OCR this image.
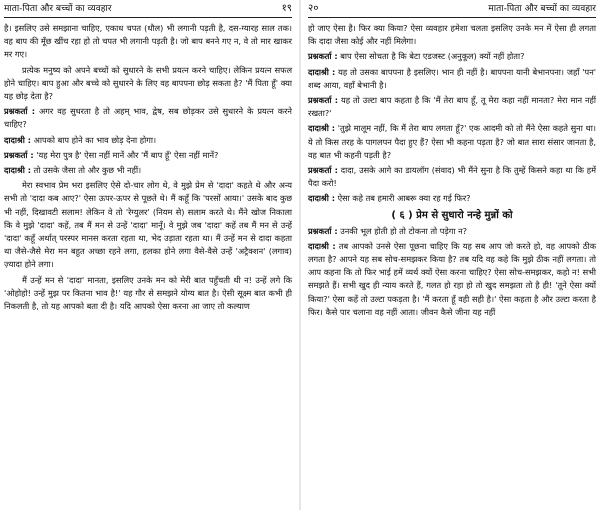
माता-पिता और बच्चों का व्यवहार	१९

है। इसलिए उसे समझाना चाहिए, एकाध चपत (धौल) भी लगानी पड़ती है, दस-ग्यारह साल तक। वह बाप की मूँछ खींच रहा हो तो चपत भी लगानी पड़ती है। जो बाप बनने गए न, वे तो मार खाकर मर गए।

प्रत्येक मनुष्य को अपने बच्चों को सुधारने के सभी प्रयत्न करने चाहिए। लेकिन प्रयत्न सफल होने चाहिए। बाप हुआ और बच्चे को सुधारने के लिए वह बापपना छोड़ सकता है? 'मैं पिता हूँ' क्या यह छोड़ देता है?

प्रश्नकर्ता : अगर वह सुधरता है तो अहम्‌ भाव, द्वेष, सब छोड़कर उसे सुधारने के प्रयत्न करने चाहिए?

दादाश्री : आपको बाप होने का भाव छोड़ देना होगा।

प्रश्नकर्ता : 'यह मेरा पुत्र है' ऐसा नहीं मानें और 'मैं बाप हूँ' ऐसा नहीं मानें?

दादाश्री : तो उसके जैसा तो और कुछ भी नहीं।

मेरा स्वभाव प्रेम भरा इसलिए ऐसे दो-चार लोग थे, वे मुझे प्रेम से 'दादा' कहते थे और अन्य सभी तो 'दादा कब आए?' ऐसा ऊपर-ऊपर से पूछते थे। मैं कहूँ कि 'परसों आया।' उसके बाद कुछ भी नहीं, दिखावटी सलाम! लेकिन वे तो 'रेग्युलर' (नियम से) सलाम करते थे। मैंने खोज निकाला कि वे मुझे 'दादा' कहें, तब मैं मन से उन्हें 'दादा' मानूँ। वे मुझे जब 'दादा' कहें तब मैं मन से उन्हें 'दादा' कहूँ अर्थात्‌ परस्पर मानस करता रहता था, भेद उड़ाता रहता था। मैं उन्हें मन से दादा कहता था जैसे-जैसे मेरा मन बहुत अच्छा रहने लगा, हलका होने लगा वैसे-वैसे उन्हें 'अट्रैक्शन' (लगाव) ज़्यादा होने लगा।

मैं उन्हें मन से 'दादा' मानता, इसलिए उनके मन को मेरी बात पहुँचती थी न! उन्हें लगे कि 'ओहोहो! उन्हें मुझ पर कितना भाव है!' यह गौर से समझने योग्य बात है। ऐसी सूक्ष्म बात कभी ही निकलती है, तो यह आपको बता दी है। यदि आपको ऐसा करना आ जाए तो कल्याण

२०	माता-पिता और बच्चों का व्यवहार

हो जाए ऐसा है। फिर क्या किया? ऐसा व्यवहार हमेशा चलता इसलिए उनके मन में ऐसा ही लगता कि दादा जैसा कोई और नहीं मिलेगा।

प्रश्नकर्ता : बाप ऐसा सोचता है कि बेटा एडजस्ट (अनुकूल) क्यों नहीं होता?

दादाश्री : यह तो उसका बापपना है इसलिए। भान ही नहीं है। बापपना यानी बेभानपना। जहाँ 'पन' शब्द आया, वहाँ बेभानी है।

प्रश्नकर्ता : यह तो उल्टा बाप कहता है कि 'मैं तेरा बाप हूँ, तू मेरा कहा नहीं मानता? मेरा मान नहीं रखता?'

दादाश्री : 'तुझे मालूम नहीं, कि मैं तेरा बाप लगता हूँ?' एक आदमी को तो मैंने ऐसा कहते सुना था। ये तो किस तरह के पागलपन पैदा हुए हैं? ऐसा भी कहना पड़ता है? जो बात सारा संसार जानता है, वह बात भी कहनी पड़ती है?

प्रश्नकर्ता : दादा, उसके आगे का डायलॉग (संवाद) भी मैंने सुना है कि तुम्हें किसने कहा था कि हमें पैदा करो!

दादाश्री : ऐसा कहे तब हमारी आबरू क्या रह गई फिर?

( ६ ) प्रेम से सुधारो नन्हे मुन्नों को

प्रश्नकर्ता : उनकी भूल होती हो तो टोकना तो पड़ेगा न?

दादाश्री : तब आपको उनसे ऐसा पूछना चाहिए कि यह सब आप जो करते हो, वह आपको ठीक लगता है? आपने यह सब सोच-समझकर किया है? तब यदि वह कहे कि मुझे ठीक नहीं लगता। तो आप कहना कि तो फिर भाई हमें व्यर्थ क्यों ऐसा करना चाहिए? ऐसा सोच-समझकर, कहो न! सभी समझते हैं। सभी खुद ही न्याय करते हैं, गलत हो रहा हो तो खुद समझता तो है ही! 'तूने ऐसा क्यों किया?' ऐसा कहें तो उल्टा पकड़ता है। 'मैं करता हूँ वही सही है।' ऐसा कहता है और उल्टा करता है फिर। कैसे पार चलाना वह नहीं आता। जीवन कैसे जीना यह नहीं
